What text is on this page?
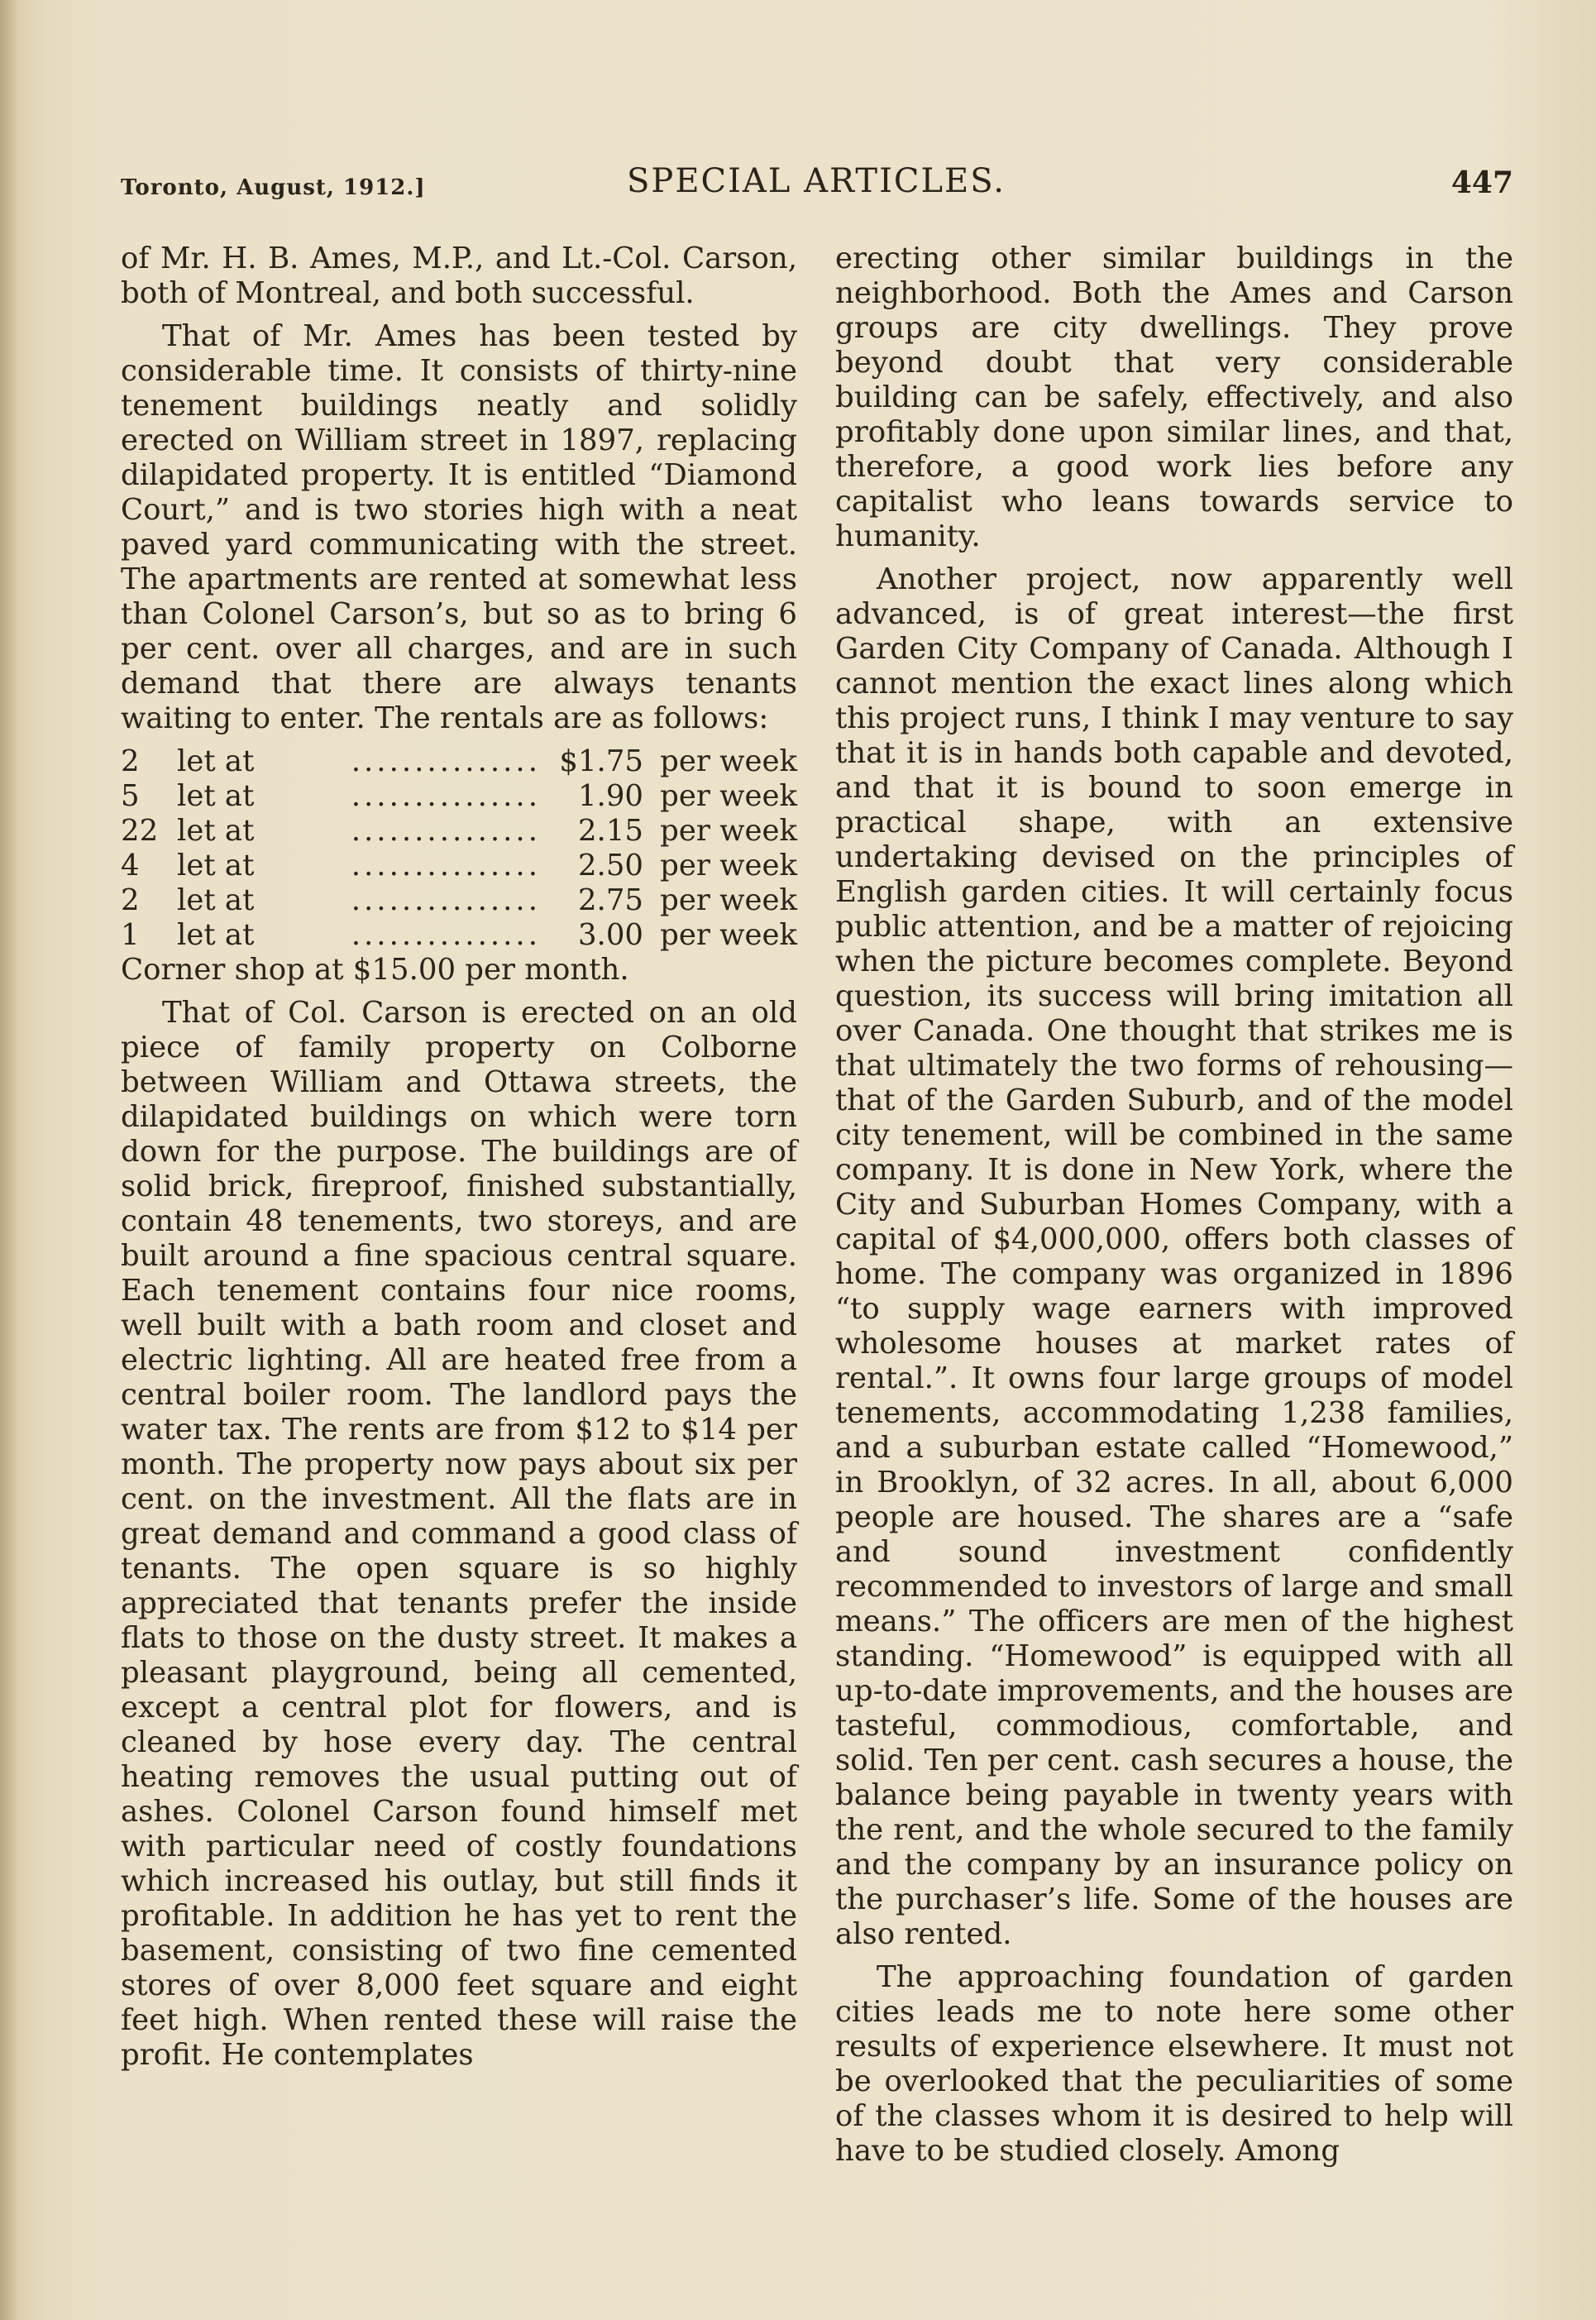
Toronto, August, 1912.]	SPECIAL ARTICLES.	447

of Mr. H. B. Ames, M.P., and Lt.-Col. Carson, both of Montreal, and both successful.

That of Mr. Ames has been tested by considerable time. It consists of thirty-nine tenement buildings neatly and solidly erected on William street in 1897, replacing dilapidated property. It is entitled “Diamond Court,” and is two stories high with a neat paved yard communicating with the street. The apartments are rented at somewhat less than Colonel Carson’s, but so as to bring 6 per cent. over all charges, and are in such demand that there are always tenants waiting to enter. The rentals are as follows:

2	let at	............... $1.75 per week
5	let at	...............	1.90 per week
22 let at	...............	2.15 per week
4	let at	...............	2.50 per week
2	let at	...............	2.75 per week
1	let at	...............	3.00 per week
Corner shop at $15.00 per month.

That of Col. Carson is erected on an old piece of family property on Colborne between William and Ottawa streets, the dilapidated buildings on which were torn down for the purpose. The buildings are of solid brick, fireproof, finished substantially, contain 48 tenements, two storeys, and are built around a fine spacious central square. Each tenement contains four nice rooms, well built with a bath room and closet and electric lighting. All are heated free from a central boiler room. The landlord pays the water tax. The rents are from $12 to $14 per month. The property now pays about six per cent. on the investment. All the flats are in great demand and command a good class of tenants. The open square is so highly appreciated that tenants prefer the inside flats to those on the dusty street. It makes a pleasant playground, being all cemented, except a central plot for flowers, and is cleaned by hose every day. The central heating removes the usual putting out of ashes. Colonel Carson found himself met with particular need of costly foundations which increased his outlay, but still finds it profitable. In addition he has yet to rent the basement, consisting of two fine cemented stores of over 8,000 feet square and eight feet high. When rented these will raise the profit. He contemplates

erecting other similar buildings in the neighborhood. Both the Ames and Carson groups are city dwellings. They prove beyond doubt that very considerable building can be safely, effectively, and also profitably done upon similar lines, and that, therefore, a good work lies before any capitalist who leans towards service to humanity.

Another project, now apparently well advanced, is of great interest—the first Garden City Company of Canada. Although I cannot mention the exact lines along which this project runs, I think I may venture to say that it is in hands both capable and devoted, and that it is bound to soon emerge in practical shape, with an extensive undertaking devised on the principles of English garden cities. It will certainly focus public attention, and be a matter of rejoicing when the picture becomes complete. Beyond question, its success will bring imitation all over Canada. One thought that strikes me is that ultimately the two forms of rehousing—that of the Garden Suburb, and of the model city tenement, will be combined in the same company. It is done in New York, where the City and Suburban Homes Company, with a capital of $4,000,000, offers both classes of home. The company was organized in 1896 “to supply wage earners with improved wholesome houses at market rates of rental.”. It owns four large groups of model tenements, accommodating 1,238 families, and a suburban estate called “Homewood,” in Brooklyn, of 32 acres. In all, about 6,000 people are housed. The shares are a “safe and sound investment confidently recommended to investors of large and small means.” The officers are men of the highest standing. “Homewood” is equipped with all up-to-date improvements, and the houses are tasteful, commodious, comfortable, and solid. Ten per cent. cash secures a house, the balance being payable in twenty years with the rent, and the whole secured to the family and the company by an insurance policy on the purchaser’s life. Some of the houses are also rented.

The approaching foundation of garden cities leads me to note here some other results of experience elsewhere. It must not be overlooked that the peculiarities of some of the classes whom it is desired to help will have to be studied closely. Among
